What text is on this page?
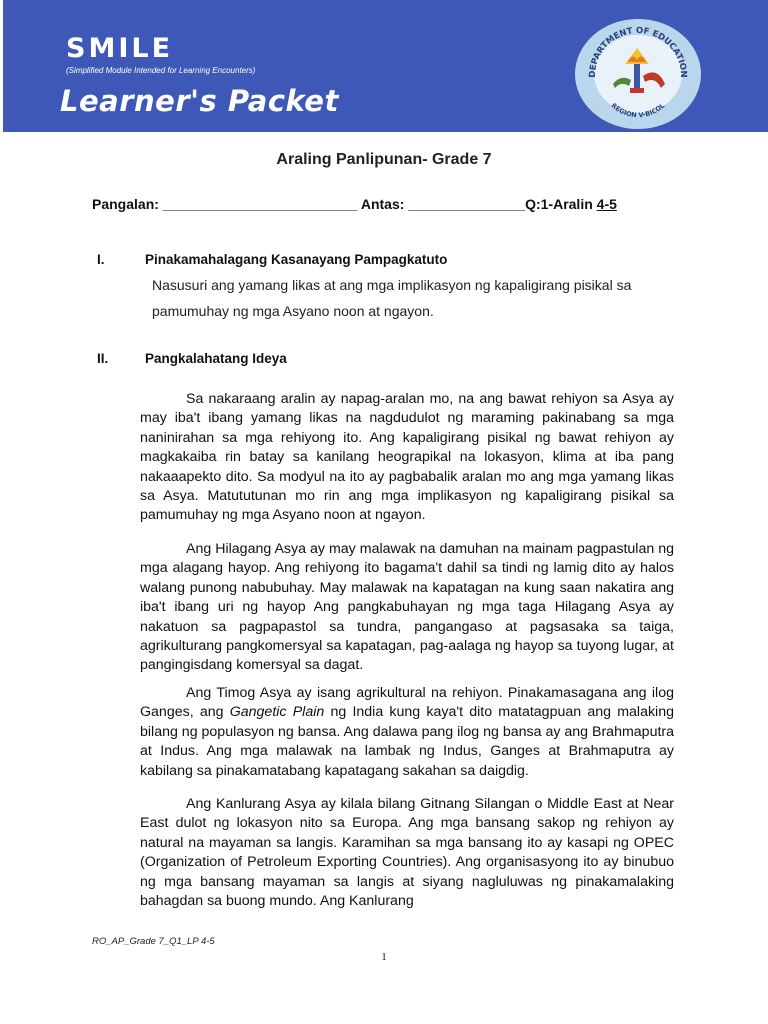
SMILE
(Simplified Module Intended for Learning Encounters)
Learner's Packet
DEPARTMENT OF EDUCATION
REGION V-BICOL
Araling Panlipunan- Grade 7
Pangalan: _________________________ Antas: _______________Q:1-Aralin 4-5
I.	Pinakamahalagang Kasanayang Pampagkatuto
Nasusuri ang yamang likas at ang mga implikasyon ng kapaligirang pisikal sa pamumuhay ng mga Asyano noon at ngayon.
II.	Pangkalahatang Ideya
Sa nakaraang aralin ay napag-aralan mo, na ang bawat rehiyon sa Asya ay may iba't ibang yamang likas na nagdudulot ng maraming pakinabang sa mga naninirahan sa mga rehiyong ito. Ang kapaligirang pisikal ng bawat rehiyon ay magkakaiba rin batay sa kanilang heograpikal na lokasyon, klima at iba pang nakaaapekto dito. Sa modyul na ito ay pagbabalik aralan mo ang mga yamang likas sa Asya. Matututunan mo rin ang mga implikasyon ng kapaligirang pisikal sa pamumuhay ng mga Asyano noon at ngayon.
Ang Hilagang Asya ay may malawak na damuhan na mainam pagpastulan ng mga alagang hayop. Ang rehiyong ito bagama't dahil sa tindi ng lamig dito ay halos walang punong nabubuhay. May malawak na kapatagan na kung saan nakatira ang iba't ibang uri ng hayop Ang pangkabuhayan ng mga taga Hilagang Asya ay nakatuon sa pagpapastol sa tundra, pangangaso at pagsasaka sa taiga, agrikulturang pangkomersyal sa kapatagan, pag-aalaga ng hayop sa tuyong lugar, at pangingisdang komersyal sa dagat.
Ang Timog Asya ay isang agrikultural na rehiyon. Pinakamasagana ang ilog Ganges, ang Gangetic Plain ng India kung kaya't dito matatagpuan ang malaking bilang ng populasyon ng bansa. Ang dalawa pang ilog ng bansa ay ang Brahmaputra at Indus. Ang mga malawak na lambak ng Indus, Ganges at Brahmaputra ay kabilang sa pinakamatabang kapatagang sakahan sa daigdig.
Ang Kanlurang Asya ay kilala bilang Gitnang Silangan o Middle East at Near East dulot ng lokasyon nito sa Europa. Ang mga bansang sakop ng rehiyon ay natural na mayaman sa langis. Karamihan sa mga bansang ito ay kasapi ng OPEC (Organization of Petroleum Exporting Countries). Ang organisasyong ito ay binubuo ng mga bansang mayaman sa langis at siyang nagluluwas ng pinakamalaking bahagdan sa buong mundo. Ang Kanlurang
RO_AP_Grade 7_Q1_LP 4-5
1
